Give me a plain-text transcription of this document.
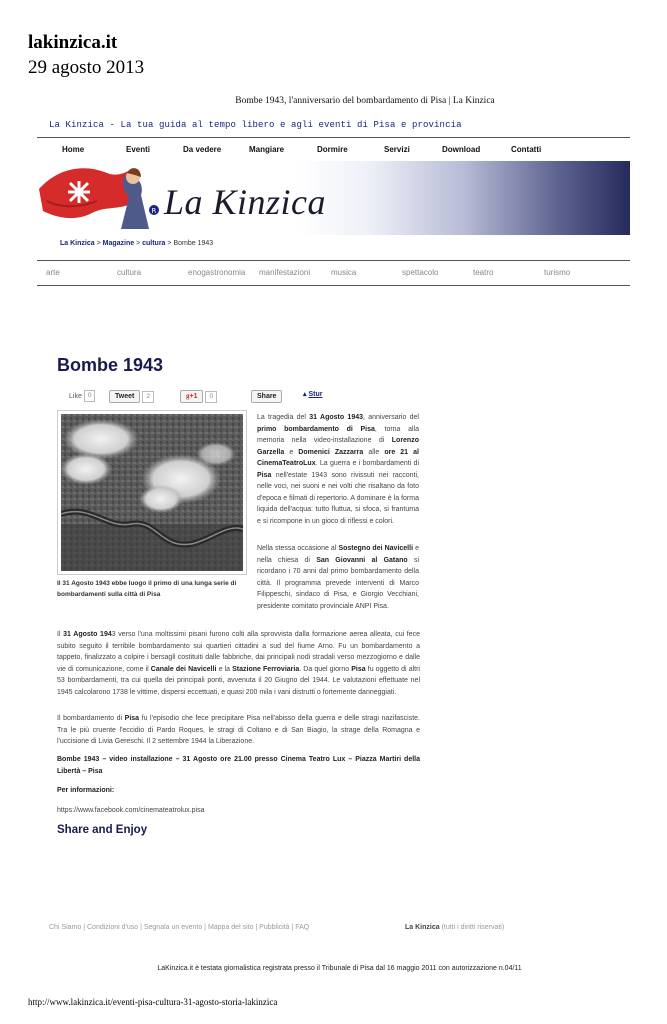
lakinzica.it
29 agosto 2013
Bombe 1943, l'anniversario del bombardamento di Pisa | La Kinzica
La Kinzica - La tua guida al tempo libero e agli eventi di Pisa e provincia
Home	Eventi	Da vedere	Mangiare	Dormire	Servizi	Download	Contatti
R La Kinzica
La Kinzica > Magazine > cultura > Bombe 1943
arte	cultura	enogastronomia manifestazioni	musica	spettacolo	teatro	turismo
Bombe 1943
Like 0	Tweet 2	g+1 0	Share	▴ Stur
Il 31 Agosto 1943 ebbe luogo il primo di una lunga serie di bombardamenti sulla città di Pisa
La tragedia del 31 Agosto 1943, anniversario del primo bombardamento di Pisa, torna alla memoria nella video-installazione di Lorenzo Garzella e Domenici Zazzarra alle ore 21 al CinemaTeatroLux. La guerra e i bombardamenti di Pisa nell'estate 1943 sono rivissuti nei racconti, nelle voci, nei suoni e nei volti che risaltano da foto d'epoca e filmati di repertorio. A dominare è la forma liquida dell'acqua: tutto fluttua, si sfoca, si frantuma e si ricompone in un gioco di riflessi e colori.
Nella stessa occasione al Sostegno dei Navicelli e nella chiesa di San Giovanni al Gatano si ricordano i 70 anni dal primo bombardamento della città. Il programma prevede interventi di Marco Filippeschi, sindaco di Pisa, e Giorgio Vecchiani, presidente comitato provinciale ANPI Pisa.
Il 31 Agosto 1943 verso l'una moltissimi pisani furono colti alla sprovvista dalla formazione aerea alleata, cui fece subito seguito il terribile bombardamento sui quartieri cittadini a sud del fiume Arno. Fu un bombardamento a tappeto, finalizzato a colpire i bersagli costituiti dalle fabbriche, dai principali nodi stradali verso mezzogiorno e dalle vie di comunicazione, come il Canale dei Navicelli e la Stazione Ferroviaria. Da quel giorno Pisa fu oggetto di altri 53 bombardamenti, tra cui quella dei principali ponti, avvenuta il 20 Giugno del 1944. Le valutazioni effettuate nel 1945 calcolarono 1738 le vittime, dispersi eccettuati, e quasi 200 mila i vani distrutti o fortemente danneggiati.
Il bombardamento di Pisa fu l'episodio che fece precipitare Pisa nell'abisso della guerra e delle stragi nazifasciste. Tra le più cruente l'eccidio di Pardo Roques, le stragi di Coltano e di San Biagio, la strage della Romagna e l'uccisione di Livia Gereschi. Il 2 settembre 1944 la Liberazione.
Bombe 1943 – video installazione – 31 Agosto ore 21.00 presso Cinema Teatro Lux – Piazza Martiri della Libertà – Pisa
Per informazioni:
https://www.facebook.com/cinemateatrolux.pisa
Share and Enjoy
Chi Siamo | Condizioni d'uso | Segnala un evento | Mappa del sito | Pubblicità | FAQ	La Kinzica (tutti i diritti riservati)
LaKinzica.it è testata giornalistica registrata presso il Tribunale di Pisa dal 16 maggio 2011 con autorizzazione n.04/11
http://www.lakinzica.it/eventi-pisa-cultura-31-agosto-storia-lakinzica
